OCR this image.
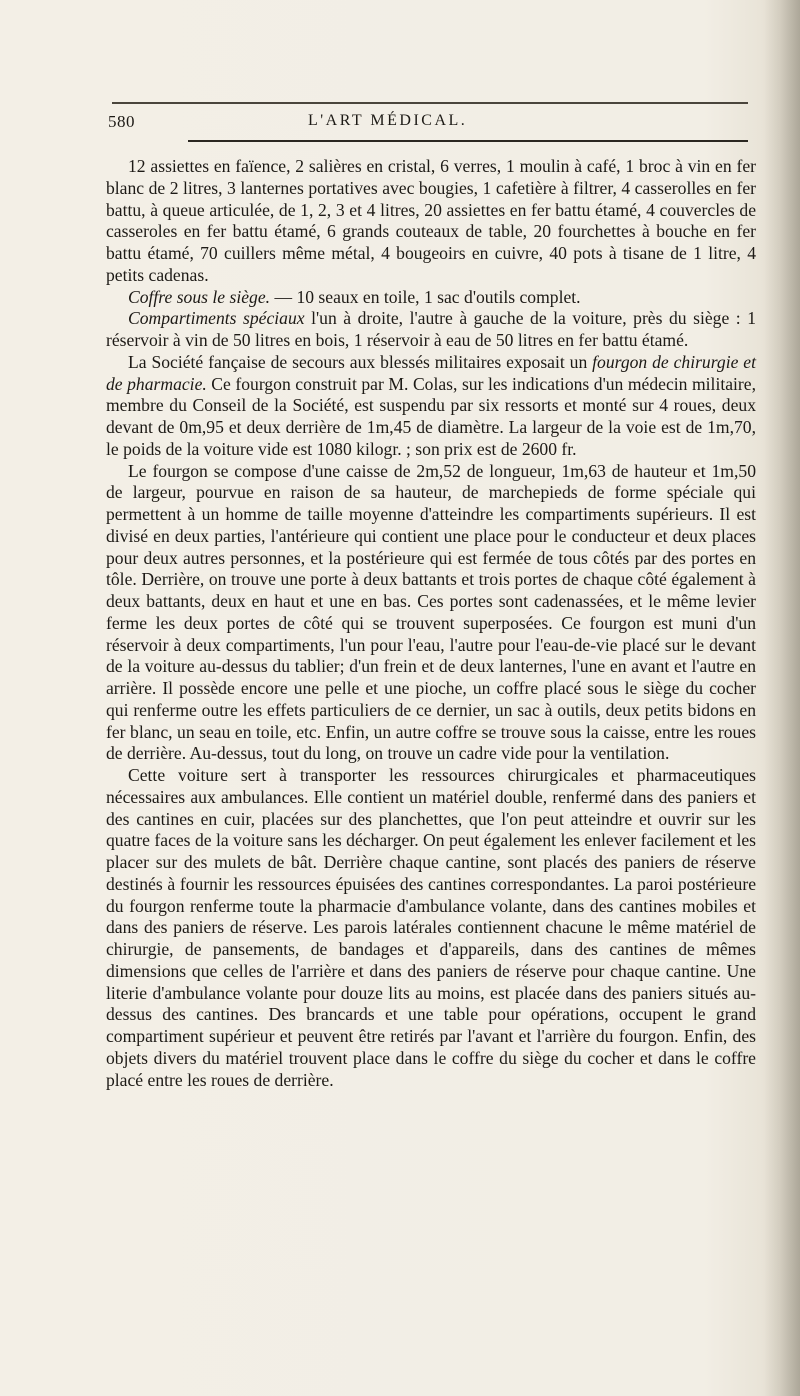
580	L'ART MÉDICAL.

12 assiettes en faïence, 2 salières en cristal, 6 verres, 1 moulin à café, 1 broc à vin en fer blanc de 2 litres, 3 lanternes portatives avec bougies, 1 cafetière à filtrer, 4 casserolles en fer battu, à queue articulée, de 1, 2, 3 et 4 litres, 20 assiettes en fer battu étamé, 4 couvercles de casseroles en fer battu étamé, 6 grands couteaux de table, 20 fourchettes à bouche en fer battu étamé, 70 cuillers même métal, 4 bougeoirs en cuivre, 40 pots à tisane de 1 litre, 4 petits cadenas.

Coffre sous le siège. — 10 seaux en toile, 1 sac d'outils complet.

Compartiments spéciaux l'un à droite, l'autre à gauche de la voiture, près du siège : 1 réservoir à vin de 50 litres en bois, 1 réservoir à eau de 50 litres en fer battu étamé.

La Société fançaise de secours aux blessés militaires exposait un fourgon de chirurgie et de pharmacie. Ce fourgon construit par M. Colas, sur les indications d'un médecin militaire, membre du Conseil de la Société, est suspendu par six ressorts et monté sur 4 roues, deux devant de 0m,95 et deux derrière de 1m,45 de diamètre. La largeur de la voie est de 1m,70, le poids de la voiture vide est 1080 kilogr. ; son prix est de 2600 fr.

Le fourgon se compose d'une caisse de 2m,52 de longueur, 1m,63 de hauteur et 1m,50 de largeur, pourvue en raison de sa hauteur, de marchepieds de forme spéciale qui permettent à un homme de taille moyenne d'atteindre les compartiments supérieurs. Il est divisé en deux parties, l'antérieure qui contient une place pour le conducteur et deux places pour deux autres personnes, et la postérieure qui est fermée de tous côtés par des portes en tôle. Derrière, on trouve une porte à deux battants et trois portes de chaque côté également à deux battants, deux en haut et une en bas. Ces portes sont cadenassées, et le même levier ferme les deux portes de côté qui se trouvent superposées. Ce fourgon est muni d'un réservoir à deux compartiments, l'un pour l'eau, l'autre pour l'eau-de-vie placé sur le devant de la voiture au-dessus du tablier; d'un frein et de deux lanternes, l'une en avant et l'autre en arrière. Il possède encore une pelle et une pioche, un coffre placé sous le siège du cocher qui renferme outre les effets particuliers de ce dernier, un sac à outils, deux petits bidons en fer blanc, un seau en toile, etc. Enfin, un autre coffre se trouve sous la caisse, entre les roues de derrière. Au-dessus, tout du long, on trouve un cadre vide pour la ventilation.

Cette voiture sert à transporter les ressources chirurgicales et pharmaceutiques nécessaires aux ambulances. Elle contient un matériel double, renfermé dans des paniers et des cantines en cuir, placées sur des planchettes, que l'on peut atteindre et ouvrir sur les quatre faces de la voiture sans les décharger. On peut également les enlever facilement et les placer sur des mulets de bât. Derrière chaque cantine, sont placés des paniers de réserve destinés à fournir les ressources épuisées des cantines correspondantes. La paroi postérieure du fourgon renferme toute la pharmacie d'ambulance volante, dans des cantines mobiles et dans des paniers de réserve. Les parois latérales contiennent chacune le même matériel de chirurgie, de pansements, de bandages et d'appareils, dans des cantines de mêmes dimensions que celles de l'arrière et dans des paniers de réserve pour chaque cantine. Une literie d'ambulance volante pour douze lits au moins, est placée dans des paniers situés au-dessus des cantines. Des brancards et une table pour opérations, occupent le grand compartiment supérieur et peuvent être retirés par l'avant et l'arrière du fourgon. Enfin, des objets divers du matériel trouvent place dans le coffre du siège du cocher et dans le coffre placé entre les roues de derrière.
